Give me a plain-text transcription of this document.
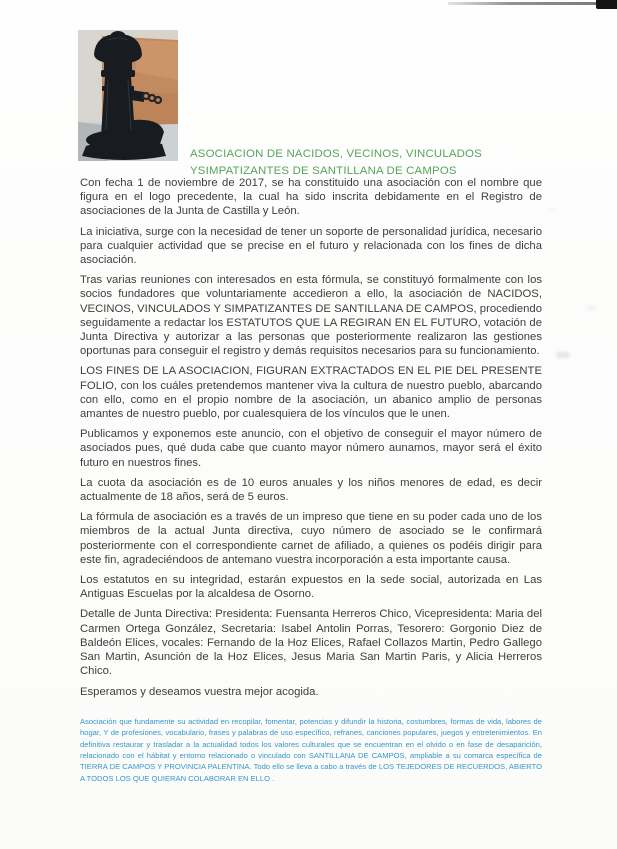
ASOCIACION DE NACIDOS, VECINOS, VINCULADOS
YSIMPATIZANTES DE SANTILLANA DE CAMPOS

Con fecha 1 de noviembre de 2017, se ha constituido una asociación con el nombre que figura en el logo precedente, la cual ha sido inscrita debidamente en el Registro de asociaciones de la Junta de Castilla y León.

La iniciativa, surge con la necesidad de tener un soporte de personalidad jurídica, necesario para cualquier actividad que se precise en el futuro y relacionada con los fines de dicha asociación.

Tras varias reuniones con interesados en esta fórmula, se constituyó formalmente con los socios fundadores que voluntariamente accedieron a ello, la asociación de NACIDOS, VECINOS, VINCULADOS Y SIMPATIZANTES DE SANTILLANA DE CAMPOS, procediendo seguidamente a redactar los ESTATUTOS QUE LA REGIRAN EN EL FUTURO, votación de Junta Directiva y autorizar a las personas que posteriormente realizaron las gestiones oportunas para conseguir el registro y demás requisitos necesarios para su funcionamiento.

LOS FINES DE LA ASOCIACION, FIGURAN EXTRACTADOS EN EL PIE DEL PRESENTE FOLIO, con los cuáles pretendemos mantener viva la cultura de nuestro pueblo, abarcando con ello, como en el propio nombre de la asociación, un abanico amplio de personas amantes de nuestro pueblo, por cualesquiera de los vínculos que le unen.

Publicamos y exponemos este anuncio, con el objetivo de conseguir el mayor número de asociados pues, qué duda cabe que cuanto mayor número aunamos, mayor será el éxito futuro en nuestros fines.

La cuota da asociación es de 10 euros anuales y los niños menores de edad, es decir actualmente de 18 años, será de 5 euros.

La fórmula de asociación es a través de un impreso que tiene en su poder cada uno de los miembros de la actual Junta directiva, cuyo número de asociado se le confirmará posteriormente con el correspondiente carnet de afiliado, a quienes os podéis dirigir para este fin, agradeciéndoos de antemano vuestra incorporación a esta importante causa.

Los estatutos en su integridad, estarán expuestos en la sede social, autorizada en Las Antiguas Escuelas por la alcaldesa de Osorno.

Detalle de Junta Directiva: Presidenta: Fuensanta Herreros Chico, Vicepresidenta: Maria del Carmen Ortega González, Secretaria: Isabel Antolin Porras, Tesorero: Gorgonio Diez de Baldeón Elices, vocales: Fernando de la Hoz Elices, Rafael Collazos Martin, Pedro Gallego San Martin, Asunción de la Hoz Elices, Jesus Maria San Martin Paris, y Alicia Herreros Chico.

Esperamos y deseamos vuestra mejor acogida.

Asociación que fundamente su actividad en recopilar, fomentar, potencias y difundir la historia, costumbres, formas de vida, labores de hogar, Y de profesiones, vocabulario, frases y palabras de uso específico, refranes, canciones populares, juegos y entretenimientos. En definitiva restaurar y trasladar a la actualidad todos los valores culturales que se encuentran en el olvido o en fase de desaparición, relacionado con el hábitat y entorno relacionado o vinculado con SANTILLANA DE CAMPOS, ampliable a su comarca específica de TIERRA DE CAMPOS Y PROVINCIA PALENTINA. Todo ello se lleva a cabo a través de LOS TEJEDORES DE RECUERDOS, ABIERTO A TODOS LOS QUE QUIERAN COLABORAR EN ELLO .
